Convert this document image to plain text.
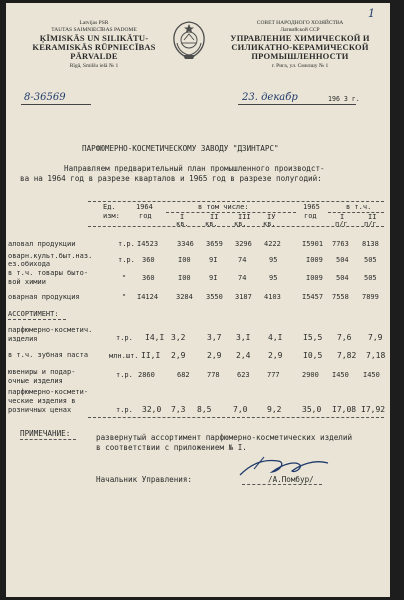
1
Latvijas PSR
TAUTAS SAIMNIECĪBAS PADOME
ĶĪMISKĀS UN SILIKĀTU-
KERAMISKĀS RŪPNIECĪBAS
PĀRVALDE
Rīgā, Smilšu ielā № 1
СОВЕТ НАРОДНОГО ХОЗЯЙСТВА
Латвийской ССР
УПРАВЛЕНИЕ ХИМИЧЕСКОЙ И
СИЛИКАТНО-КЕРАМИЧЕСКОЙ
ПРОМЫШЛЕННОСТИ
г. Рига, ул. Смилшу № 1
8-36569	23. декабр	196 3 г.
ПАРФЮМЕРНО-КОСМЕТИЧЕСКОМУ ЗАВОДУ "ДЗИНТАРС"
Направляем предварительный план промышленного производст-
ва на 1964 год в разрезе кварталов и 1965 год в разрезе полугодий:
Ед.
изм:
1964
год
в том числе:	1965
год
в т.ч.
I	II	III IУ
кв. кв. кв. кв.
I	II
п/г п/г
аловал продукции	т.р. I4523	3346 3659 3296 4222	I5901 7763 8138
оварн.культ.быт.наз.
ез.обихода	т.р. 360	I00	9I	74	95	I009 504 505
в т.ч. товары быто-
вой химии	" 360	I00	9I	74	95	I009 504 505
оварная продукция	" I4124	3284 3550 3187 4103	I5457 7558 7899
АССОРТИМЕНТ:
парфюмерно-косметич.
изделия	т.р. I4,I 3,2	3,7 3,I 4,I	I5,5 7,6 7,9
в т.ч. зубная паста	млн.шт. II,I 2,9	2,9 2,4 2,9	I0,5 7,82 7,18
ювениры и подар-
очные изделия
т.р. 2860	682 778 623 777	2900 I450 I450
парфюмерно-космети-
ческие изделия в
розничных ценах	т.р. 32,0 7,3 8,5	7,0 9,2	35,0 I7,08 I7,92
ПРИМЕЧАНИЕ:	развернутый ассортимент парфюмерно-косметических изделий
в соответствии с приложением № I.
Начальник Управления:	/А.Помбур/
